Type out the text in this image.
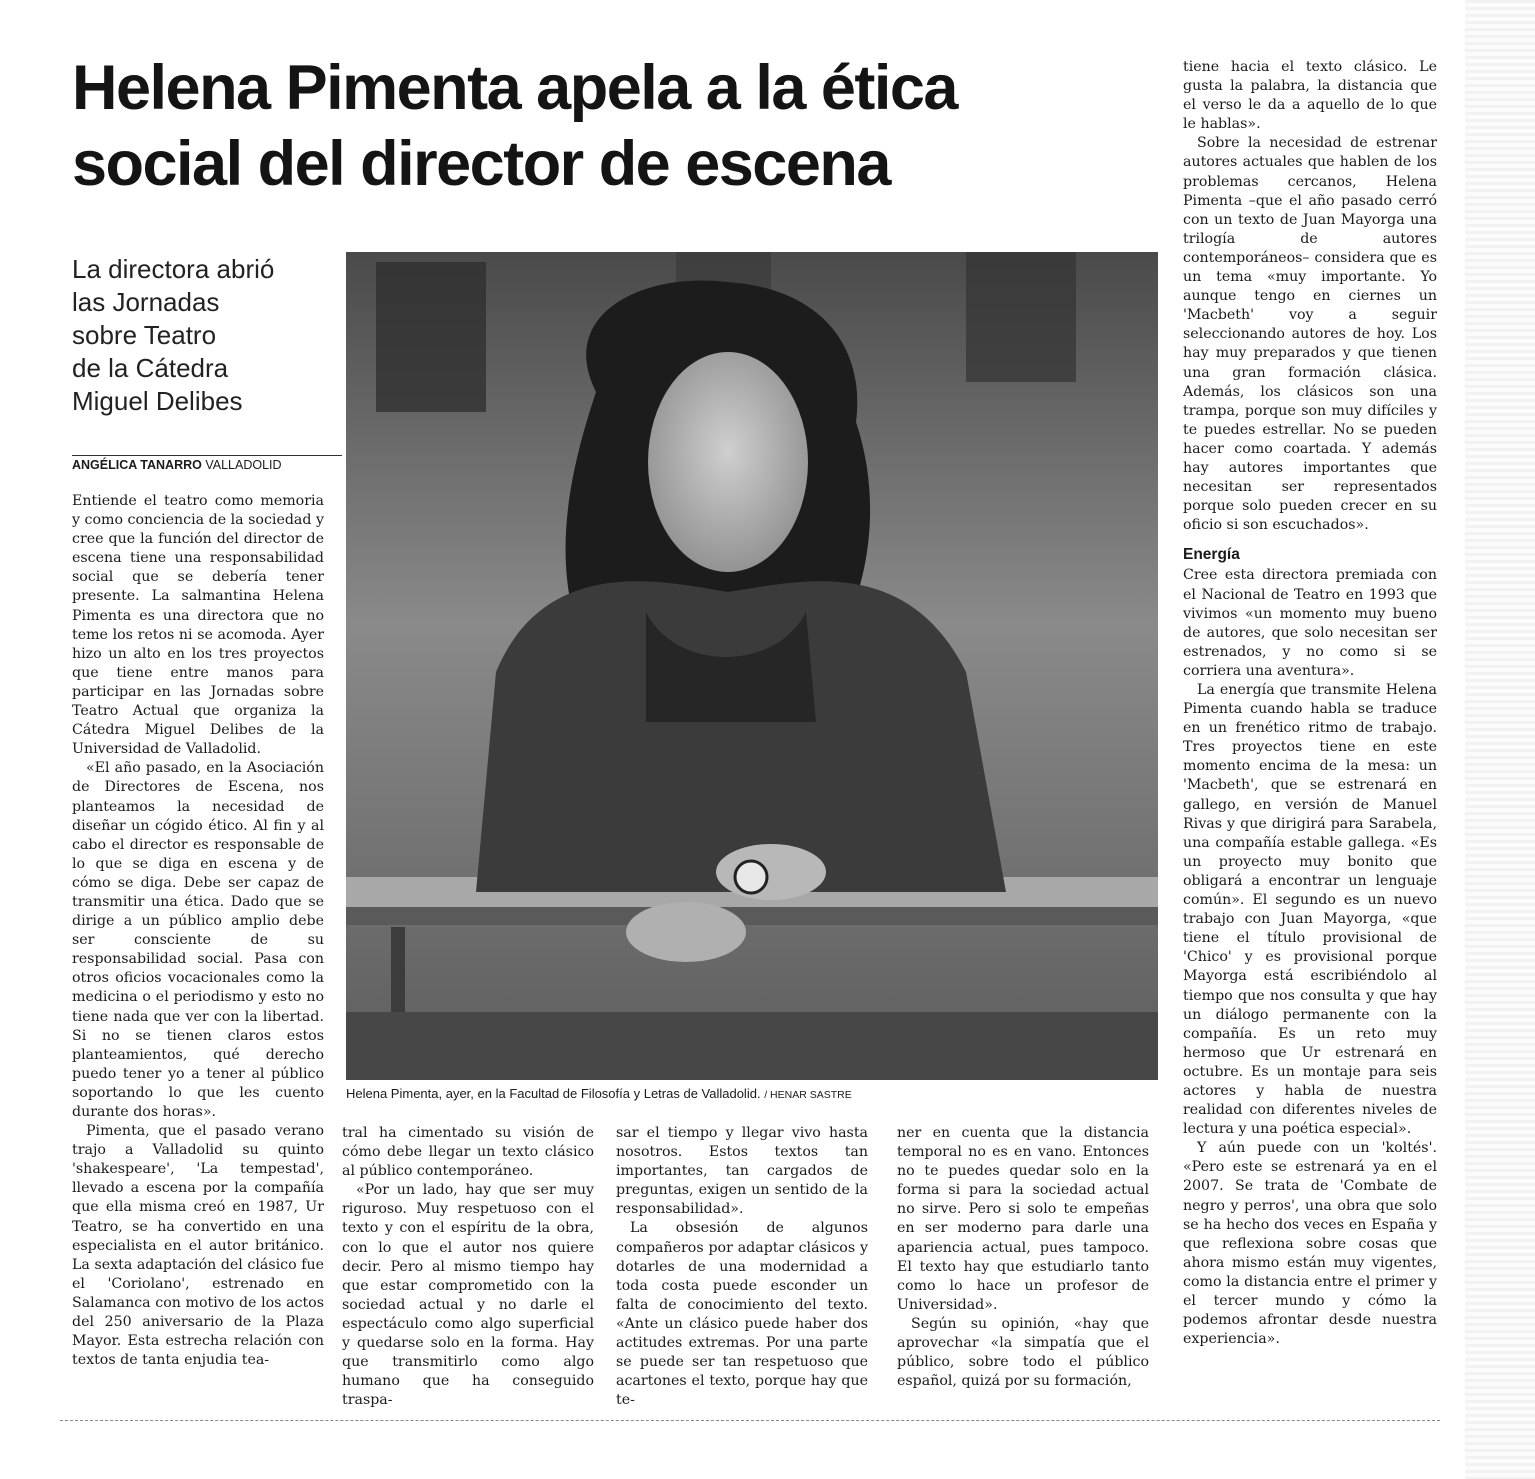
Helena Pimenta apela a la ética
social del director de escena
La directora abrió
las Jornadas
sobre Teatro
de la Cátedra
Miguel Delibes
ANGÉLICA TANARRO VALLADOLID

Entiende el teatro como memoria y como conciencia de la sociedad y cree que la función del director de escena tiene una responsabilidad social que se debería tener presente. La salmantina Helena Pimenta es una directora que no teme los retos ni se acomoda. Ayer hizo un alto en los tres proyectos que tiene entre manos para participar en las Jornadas sobre Teatro Actual que organiza la Cátedra Miguel Delibes de la Universidad de Valladolid.

«El año pasado, en la Asociación de Directores de Escena, nos planteamos la necesidad de diseñar un cógido ético. Al fin y al cabo el director es responsable de lo que se diga en escena y de cómo se diga. Debe ser capaz de transmitir una ética. Dado que se dirige a un público amplio debe ser consciente de su responsabilidad social. Pasa con otros oficios vocacionales como la medicina o el periodismo y esto no tiene nada que ver con la libertad. Si no se tienen claros estos planteamientos, qué derecho puedo tener yo a tener al público soportando lo que les cuento durante dos horas».

Pimenta, que el pasado verano trajo a Valladolid su quinto 'shakespeare', 'La tempestad', llevado a escena por la compañía que ella misma creó en 1987, Ur Teatro, se ha convertido en una especialista en el autor británico. La sexta adaptación del clásico fue el 'Coriolano', estrenado en Salamanca con motivo de los actos del 250 aniversario de la Plaza Mayor. Esta estrecha relación con textos de tanta enjudia tea-

Helena Pimenta, ayer, en la Facultad de Filosofía y Letras de Valladolid. / HENAR SASTRE

tral ha cimentado su visión de cómo debe llegar un texto clásico al público contemporáneo.

«Por un lado, hay que ser muy riguroso. Muy respetuoso con el texto y con el espíritu de la obra, con lo que el autor nos quiere decir. Pero al mismo tiempo hay que estar comprometido con la sociedad actual y no darle el espectáculo como algo superficial y quedarse solo en la forma. Hay que transmitirlo como algo humano que ha conseguido traspa-

sar el tiempo y llegar vivo hasta nosotros. Estos textos tan importantes, tan cargados de preguntas, exigen un sentido de la responsabilidad».

La obsesión de algunos compañeros por adaptar clásicos y dotarles de una modernidad a toda costa puede esconder un falta de conocimiento del texto. «Ante un clásico puede haber dos actitudes extremas. Por una parte se puede ser tan respetuoso que acartones el texto, porque hay que te-

ner en cuenta que la distancia temporal no es en vano. Entonces no te puedes quedar solo en la forma si para la sociedad actual no sirve. Pero si solo te empeñas en ser moderno para darle una apariencia actual, pues tampoco. El texto hay que estudiarlo tanto como lo hace un profesor de Universidad».

Según su opinión, «hay que aprovechar «la simpatía que el público, sobre todo el público español, quizá por su formación,

tiene hacia el texto clásico. Le gusta la palabra, la distancia que el verso le da a aquello de lo que le hablas».

Sobre la necesidad de estrenar autores actuales que hablen de los problemas cercanos, Helena Pimenta –que el año pasado cerró con un texto de Juan Mayorga una trilogía de autores contemporáneos– considera que es un tema «muy importante. Yo aunque tengo en ciernes un 'Macbeth' voy a seguir seleccionando autores de hoy. Los hay muy preparados y que tienen una gran formación clásica. Además, los clásicos son una trampa, porque son muy difíciles y te puedes estrellar. No se pueden hacer como coartada. Y además hay autores importantes que necesitan ser representados porque solo pueden crecer en su oficio si son escuchados».

Energía

Cree esta directora premiada con el Nacional de Teatro en 1993 que vivimos «un momento muy bueno de autores, que solo necesitan ser estrenados, y no como si se corriera una aventura».

La energía que transmite Helena Pimenta cuando habla se traduce en un frenético ritmo de trabajo. Tres proyectos tiene en este momento encima de la mesa: un 'Macbeth', que se estrenará en gallego, en versión de Manuel Rivas y que dirigirá para Sarabela, una compañía estable gallega. «Es un proyecto muy bonito que obligará a encontrar un lenguaje común». El segundo es un nuevo trabajo con Juan Mayorga, «que tiene el título provisional de 'Chico' y es provisional porque Mayorga está escribiéndolo al tiempo que nos consulta y que hay un diálogo permanente con la compañía. Es un reto muy hermoso que Ur estrenará en octubre. Es un montaje para seis actores y habla de nuestra realidad con diferentes niveles de lectura y una poética especial».

Y aún puede con un 'koltés'. «Pero este se estrenará ya en el 2007. Se trata de 'Combate de negro y perros', una obra que solo se ha hecho dos veces en España y que reflexiona sobre cosas que ahora mismo están muy vigentes, como la distancia entre el primer y el tercer mundo y cómo la podemos afrontar desde nuestra experiencia».
